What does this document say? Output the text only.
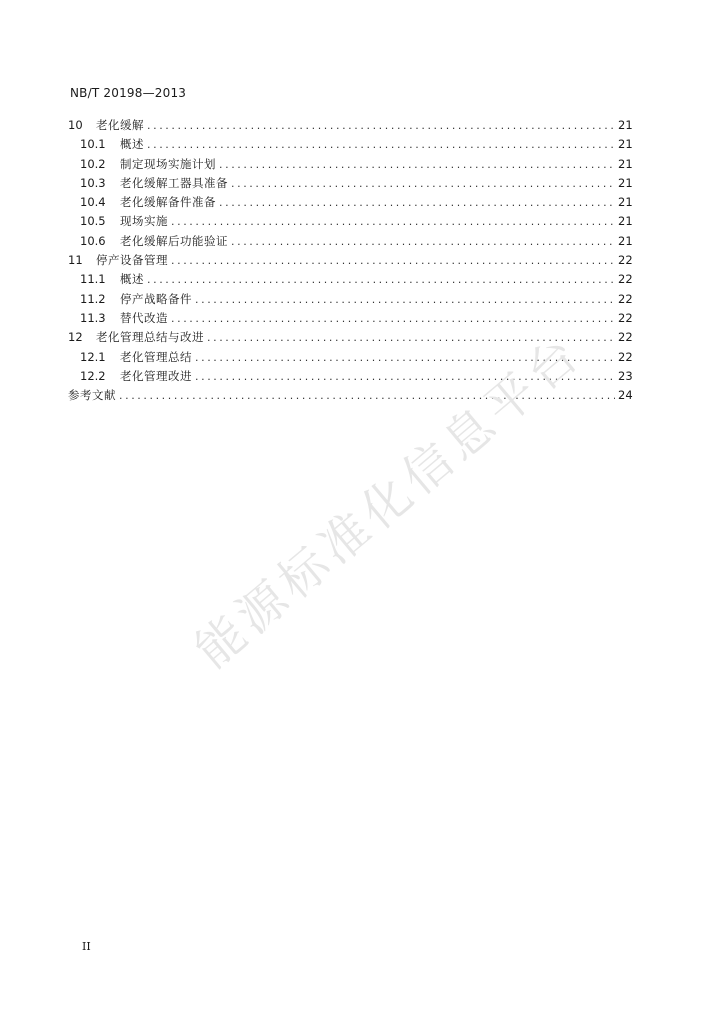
NB/T 20198—2013
10	老化缓解 .....	21
10.1	概述 .....	21
10.2	制定现场实施计划 .....	21
10.3	老化缓解工器具准备 .....	21
10.4	老化缓解备件准备 .....	21
10.5	现场实施 .....	21
10.6	老化缓解后功能验证 .....	21
11	停产设备管理 .....	22
11.1	概述 .....	22
11.2	停产战略备件 .....	22
11.3	替代改造 .....	22
12	老化管理总结与改进 .....	22
12.1	老化管理总结 .....	22
12.2	老化管理改进 .....	23
参考文献 .....	24
能源标准化信息平台
II
